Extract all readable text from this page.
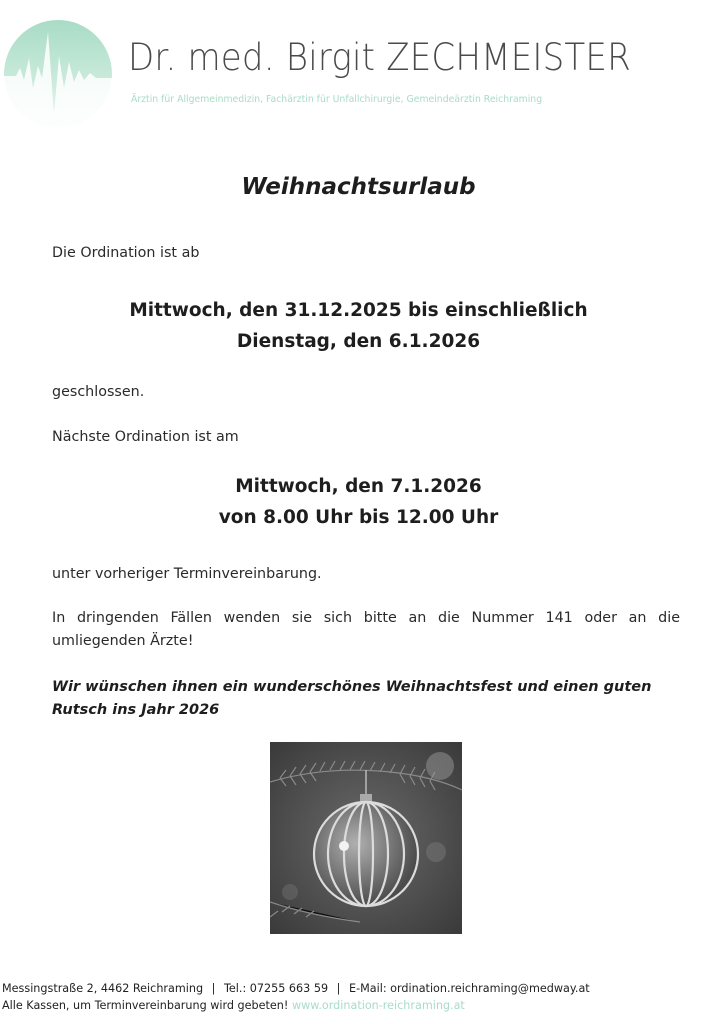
Dr. med. Birgit ZECHMEISTER
Ärztin für Allgemeinmedizin, Fachärztin für Unfallchirurgie, Gemeindeärztin Reichraming
Weihnachtsurlaub
Die Ordination ist ab
Mittwoch, den 31.12.2025 bis einschließlich
Dienstag, den 6.1.2026
geschlossen.
Nächste Ordination ist am
Mittwoch, den 7.1.2026
von 8.00 Uhr bis 12.00 Uhr
unter vorheriger Terminvereinbarung.
In dringenden Fällen wenden sie sich bitte an die Nummer 141 oder an die umliegenden Ärzte!
Wir wünschen ihnen ein wunderschönes Weihnachtsfest und einen guten Rutsch ins Jahr 2026
Messingstraße 2, 4462 Reichraming | Tel.: 07255 663 59 | E-Mail: ordination.reichraming@medway.at
Alle Kassen, um Terminvereinbarung wird gebeten! www.ordination-reichraming.at
